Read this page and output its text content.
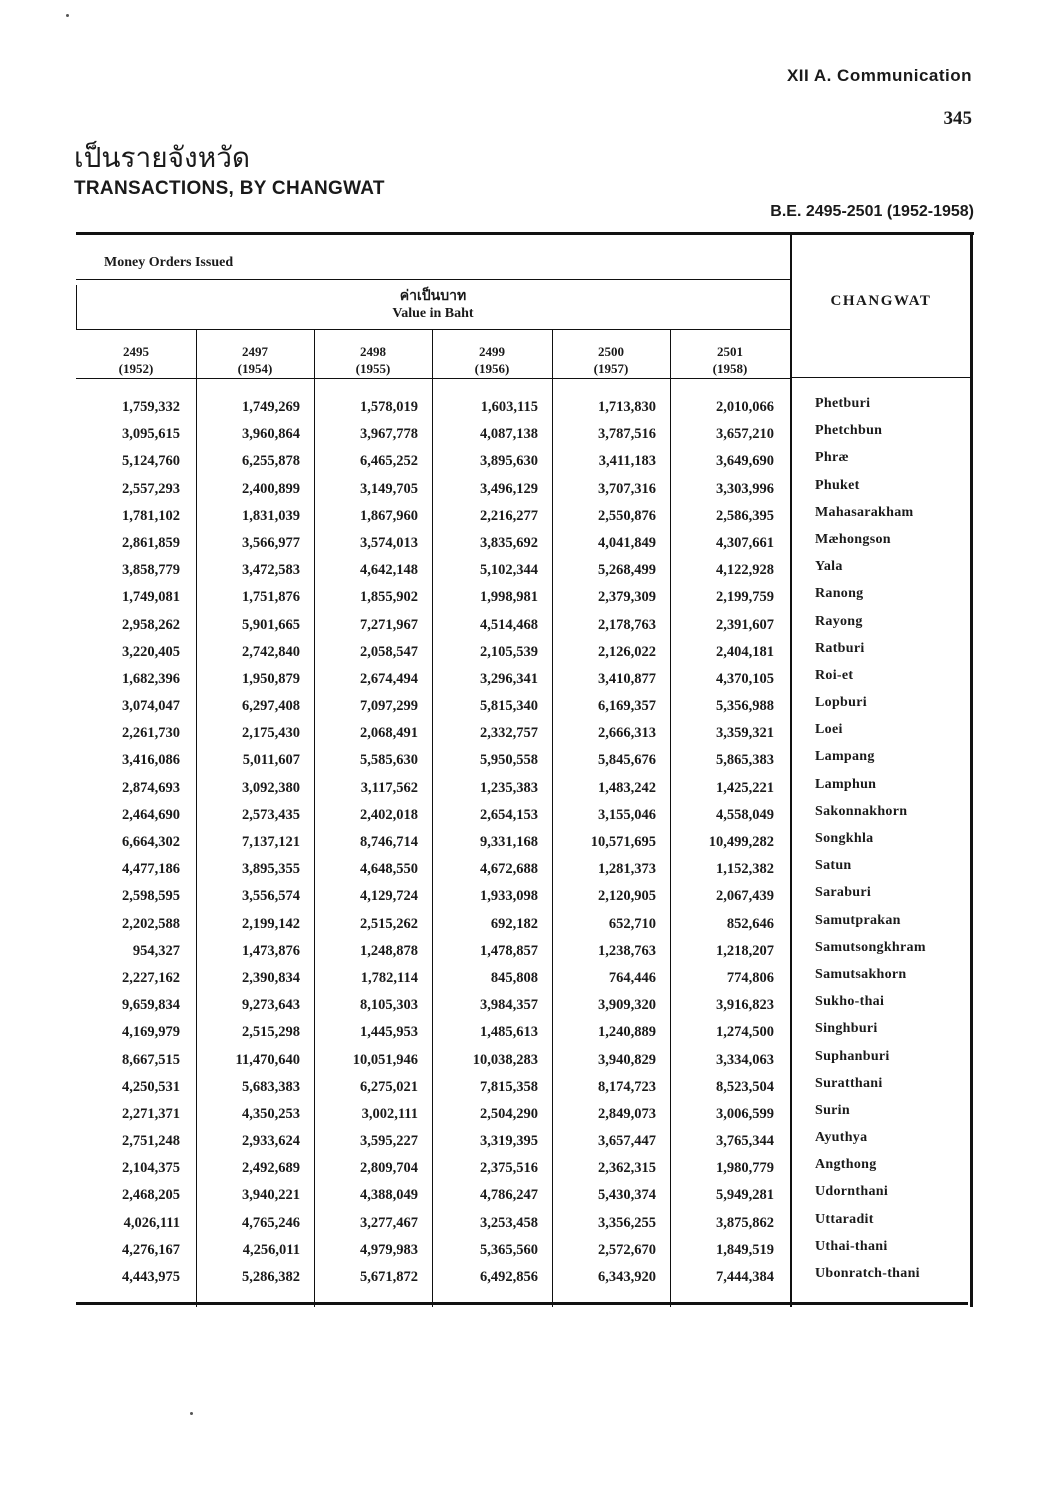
XII A. Communication
345
เป็นรายจังหวัด
TRANSACTIONS, BY CHANGWAT
B.E. 2495-2501 (1952-1958)
CHANGWAT
Money Orders Issued
ค่าเป็นบาท
Value in Baht
2495
(1952)
2497
(1954)
2498
(1955)
2499
(1956)
2500
(1957)
2501
(1958)
1,759,332	1,749,269	1,578,019	1,603,115	1,713,830	2,010,066	Phetburi
3,095,615	3,960,864	3,967,778	4,087,138	3,787,516	3,657,210	Phetchbun
5,124,760	6,255,878	6,465,252	3,895,630	3,411,183	3,649,690	Phræ
2,557,293	2,400,899	3,149,705	3,496,129	3,707,316	3,303,996	Phuket
1,781,102	1,831,039	1,867,960	2,216,277	2,550,876	2,586,395	Mahasarakham
2,861,859	3,566,977	3,574,013	3,835,692	4,041,849	4,307,661	Mæhongson
3,858,779	3,472,583	4,642,148	5,102,344	5,268,499	4,122,928	Yala
1,749,081	1,751,876	1,855,902	1,998,981	2,379,309	2,199,759	Ranong
2,958,262	5,901,665	7,271,967	4,514,468	2,178,763	2,391,607	Rayong
3,220,405	2,742,840	2,058,547	2,105,539	2,126,022	2,404,181	Ratburi
1,682,396	1,950,879	2,674,494	3,296,341	3,410,877	4,370,105	Roi-et
3,074,047	6,297,408	7,097,299	5,815,340	6,169,357	5,356,988	Lopburi
2,261,730	2,175,430	2,068,491	2,332,757	2,666,313	3,359,321	Loei
3,416,086	5,011,607	5,585,630	5,950,558	5,845,676	5,865,383	Lampang
2,874,693	3,092,380	3,117,562	1,235,383	1,483,242	1,425,221	Lamphun
2,464,690	2,573,435	2,402,018	2,654,153	3,155,046	4,558,049	Sakonnakhorn
6,664,302	7,137,121	8,746,714	9,331,168	10,571,695	10,499,282	Songkhla
4,477,186	3,895,355	4,648,550	4,672,688	1,281,373	1,152,382	Satun
2,598,595	3,556,574	4,129,724	1,933,098	2,120,905	2,067,439	Saraburi
2,202,588	2,199,142	2,515,262	692,182	652,710	852,646	Samutprakan
954,327	1,473,876	1,248,878	1,478,857	1,238,763	1,218,207	Samutsongkhram
2,227,162	2,390,834	1,782,114	845,808	764,446	774,806	Samutsakhorn
9,659,834	9,273,643	8,105,303	3,984,357	3,909,320	3,916,823	Sukho-thai
4,169,979	2,515,298	1,445,953	1,485,613	1,240,889	1,274,500	Singhburi
8,667,515	11,470,640	10,051,946	10,038,283	3,940,829	3,334,063	Suphanburi
4,250,531	5,683,383	6,275,021	7,815,358	8,174,723	8,523,504	Suratthani
2,271,371	4,350,253	3,002,111	2,504,290	2,849,073	3,006,599	Surin
2,751,248	2,933,624	3,595,227	3,319,395	3,657,447	3,765,344	Ayuthya
2,104,375	2,492,689	2,809,704	2,375,516	2,362,315	1,980,779	Angthong
2,468,205	3,940,221	4,388,049	4,786,247	5,430,374	5,949,281	Udornthani
4,026,111	4,765,246	3,277,467	3,253,458	3,356,255	3,875,862	Uttaradit
4,276,167	4,256,011	4,979,983	5,365,560	2,572,670	1,849,519	Uthai-thani
4,443,975	5,286,382	5,671,872	6,492,856	6,343,920	7,444,384	Ubonratch-thani
